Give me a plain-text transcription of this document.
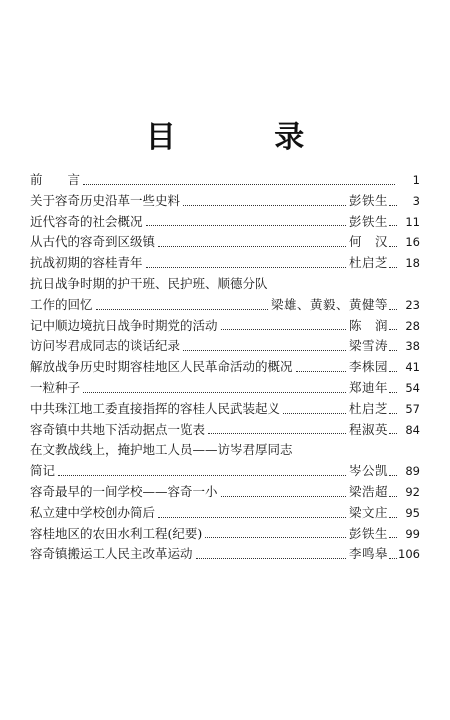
目 录
前　　言	1
关于容奇历史沿革一些史料	彭铁生	3
近代容奇的社会概况	彭铁生	11
从古代的容奇到区级镇	何　汉	16
抗战初期的容桂青年	杜启芝	18
抗日战争时期的护干班、民护班、顺德分队
工作的回忆	梁雄、黄毅、黄健等	23
记中顺边境抗日战争时期党的活动	陈　润	28
访问岑君成同志的谈话纪录	梁雪涛	38
解放战争历史时期容桂地区人民革命活动的概况	李株园	41
一粒种子	郑迪年	54
中共珠江地工委直接指挥的容桂人民武装起义	杜启芝	57
容奇镇中共地下活动据点一览表	程淑英	84
在文教战线上，掩护地工人员——访岑君厚同志
简记	岑公凯	89
容奇最早的一间学校——容奇一小	梁浩超	92
私立建中学校创办简后	梁文庄	95
容桂地区的农田水利工程(纪要)	彭铁生	99
容奇镇搬运工人民主改革运动	李鸣皋 106
